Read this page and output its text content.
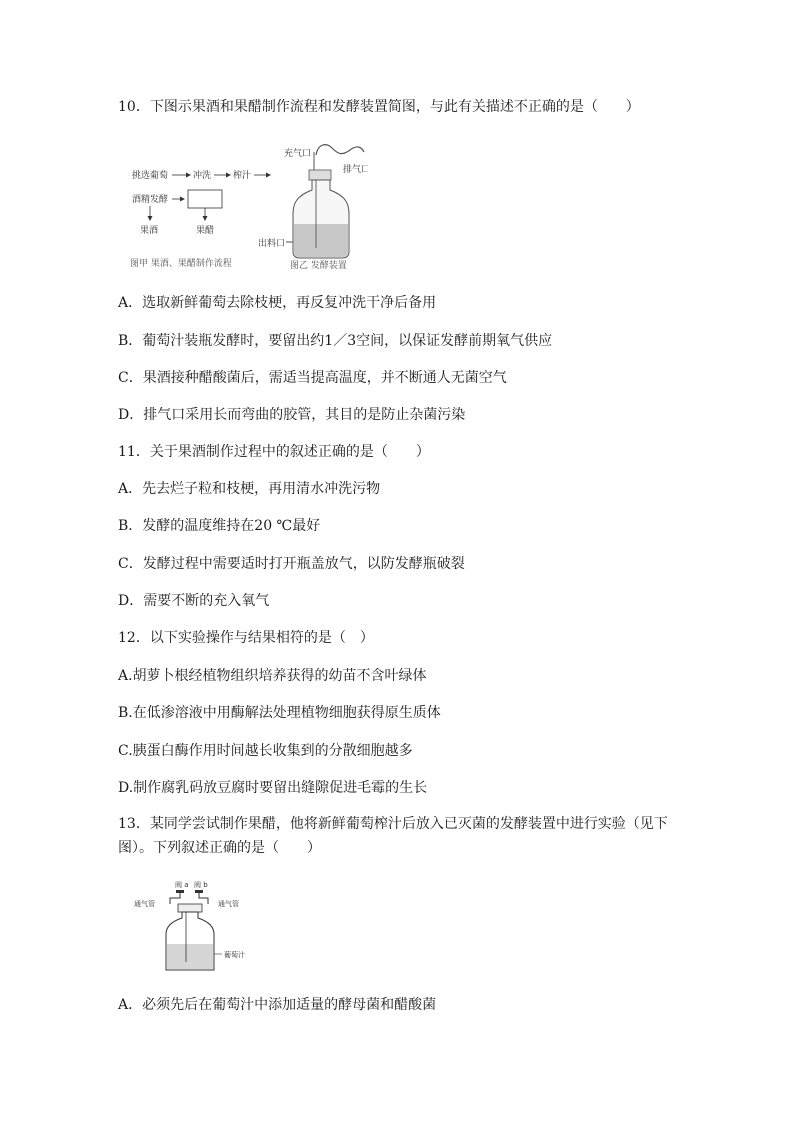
10．下图示果酒和果醋制作流程和发酵装置简图，与此有关描述不正确的是（　　）
挑选葡萄	冲洗 榨汁
酒精发酵
果酒	果醋
图甲 果酒、果醋制作流程
充气口
排气口
出料口
图乙 发酵装置
A．选取新鲜葡萄去除枝梗，再反复冲洗干净后备用
B．葡萄汁装瓶发酵时，要留出约1／3空间，以保证发酵前期氧气供应
C．果酒接种醋酸菌后，需适当提高温度，并不断通人无菌空气
D．排气口采用长而弯曲的胶管，其目的是防止杂菌污染
11．关于果酒制作过程中的叙述正确的是（　　）
A．先去烂子粒和枝梗，再用清水冲洗污物
B．发酵的温度维持在20 ℃最好
C．发酵过程中需要适时打开瓶盖放气，以防发酵瓶破裂
D．需要不断的充入氧气
12．以下实验操作与结果相符的是（　）
A.胡萝卜根经植物组织培养获得的幼苗不含叶绿体
B.在低渗溶液中用酶解法处理植物细胞获得原生质体
C.胰蛋白酶作用时间越长收集到的分散细胞越多
D.制作腐乳码放豆腐时要留出缝隙促进毛霉的生长
13．某同学尝试制作果醋，他将新鲜葡萄榨汁后放入已灭菌的发酵装置中进行实验（见下图）。下列叙述正确的是（　　）
阀 a 阀 b
通气管	通气管
葡萄汁
A．必须先后在葡萄汁中添加适量的酵母菌和醋酸菌
